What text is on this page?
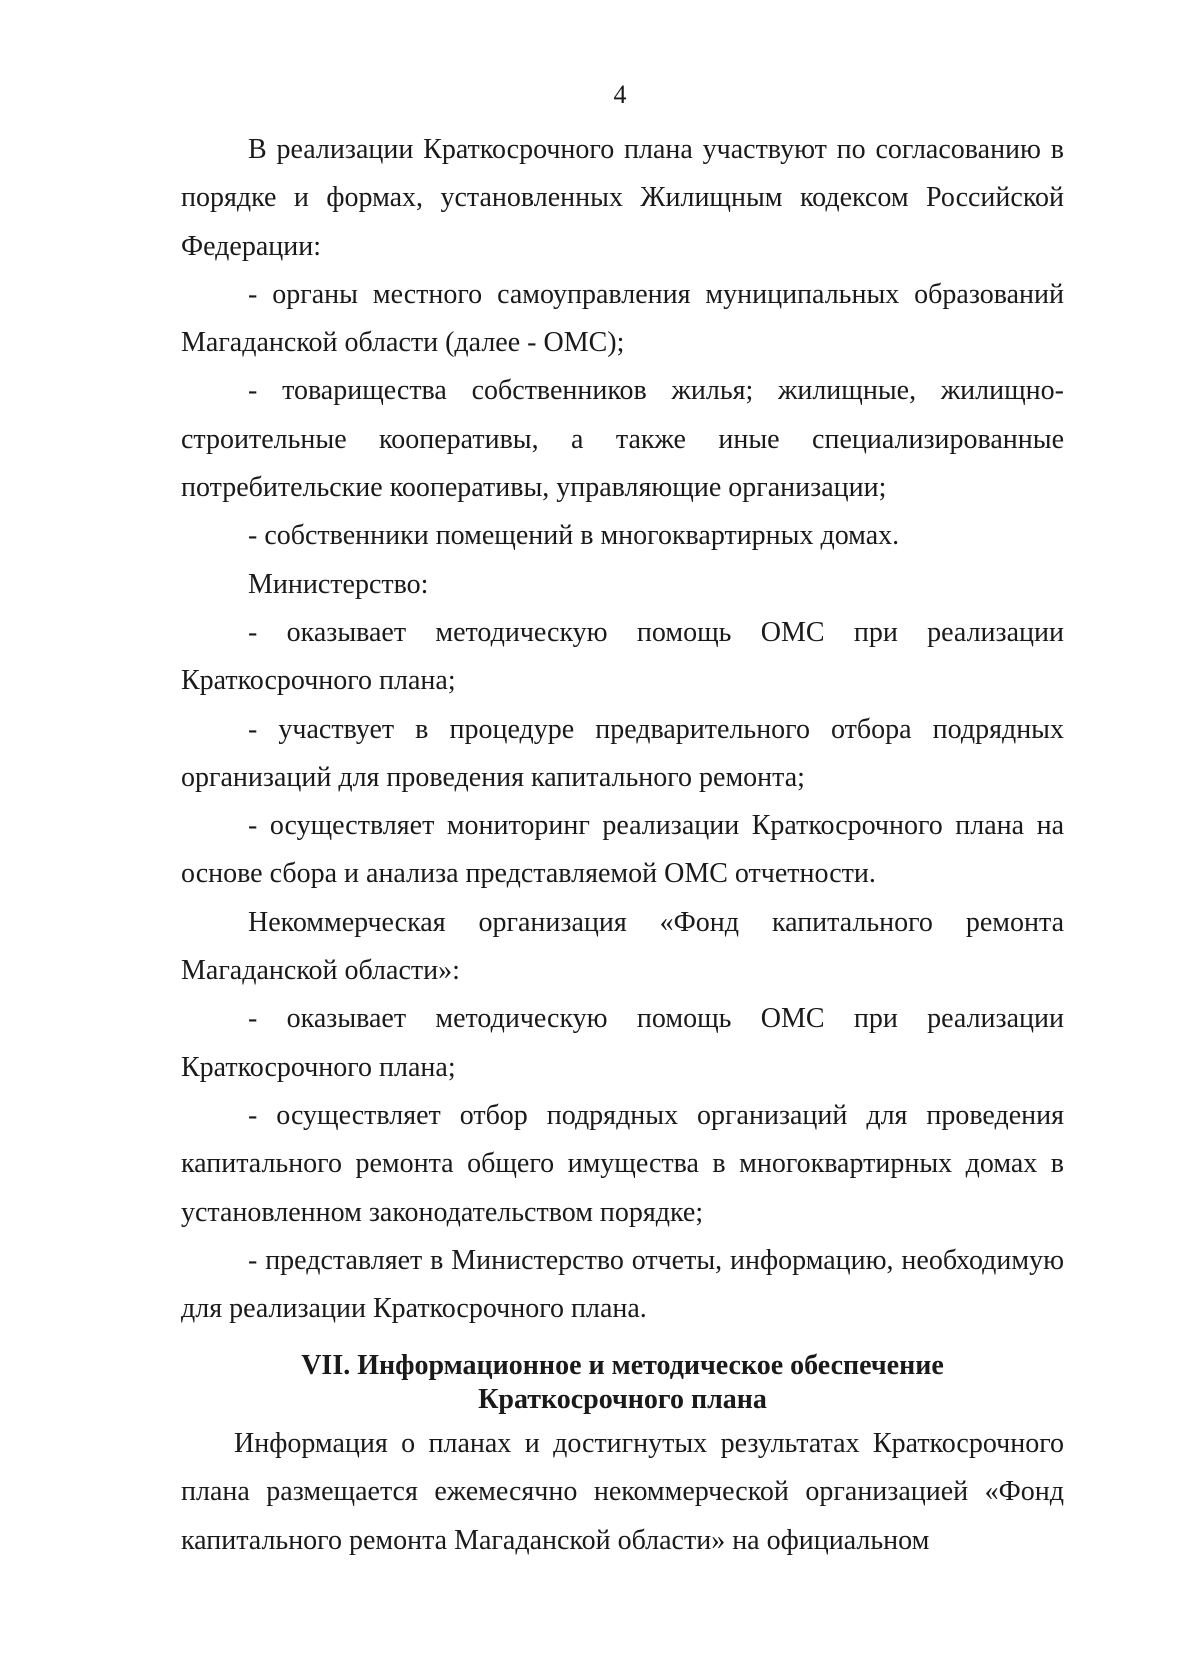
4

В реализации Краткосрочного плана участвуют по согласованию в порядке и формах, установленных Жилищным кодексом Российской Федерации:

- органы местного самоуправления муниципальных образований Магаданской области (далее - ОМС);

- товарищества собственников жилья; жилищные, жилищно-строительные кооперативы, а также иные специализированные потребительские кооперативы, управляющие организации;

- собственники помещений в многоквартирных домах.

Министерство:

- оказывает методическую помощь ОМС при реализации Краткосрочного плана;

- участвует в процедуре предварительного отбора подрядных организаций для проведения капитального ремонта;

- осуществляет мониторинг реализации Краткосрочного плана на основе сбора и анализа представляемой ОМС отчетности.

Некоммерческая организация «Фонд капитального ремонта Магаданской области»:

- оказывает методическую помощь ОМС при реализации Краткосрочного плана;

- осуществляет отбор подрядных организаций для проведения капитального ремонта общего имущества в многоквартирных домах в установленном законодательством порядке;

- представляет в Министерство отчеты, информацию, необходимую для реализации Краткосрочного плана.

VII. Информационное и методическое обеспечение
Краткосрочного плана

Информация о планах и достигнутых результатах Краткосрочного плана размещается ежемесячно некоммерческой организацией «Фонд капитального ремонта Магаданской области» на официальном
